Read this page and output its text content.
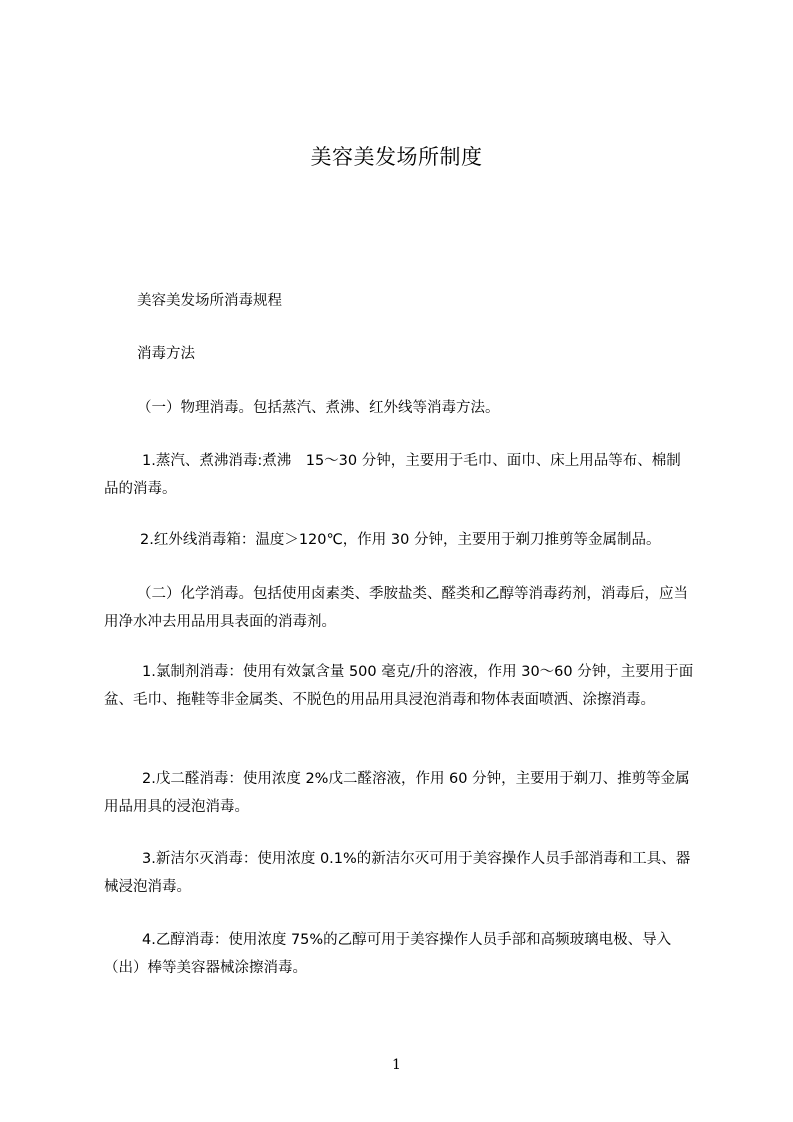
美容美发场所制度
美容美发场所消毒规程
消毒方法
（一）物理消毒。包括蒸汽、煮沸、红外线等消毒方法。
1.蒸汽、煮沸消毒:煮沸　15～30 分钟，主要用于毛巾、面巾、床上用品等布、棉制品的消毒。
2.红外线消毒箱：温度＞120℃，作用 30 分钟，主要用于剃刀推剪等金属制品。
（二）化学消毒。包括使用卤素类、季胺盐类、醛类和乙醇等消毒药剂，消毒后，应当用净水冲去用品用具表面的消毒剂。
1.氯制剂消毒：使用有效氯含量 500 毫克/升的溶液，作用 30～60 分钟，主要用于面盆、毛巾、拖鞋等非金属类、不脱色的用品用具浸泡消毒和物体表面喷洒、涂擦消毒。
2.戊二醛消毒：使用浓度 2%戊二醛溶液，作用 60 分钟，主要用于剃刀、推剪等金属用品用具的浸泡消毒。
3.新洁尔灭消毒：使用浓度 0.1%的新洁尔灭可用于美容操作人员手部消毒和工具、器械浸泡消毒。
4.乙醇消毒：使用浓度 75%的乙醇可用于美容操作人员手部和高频玻璃电极、导入（出）棒等美容器械涂擦消毒。
1
